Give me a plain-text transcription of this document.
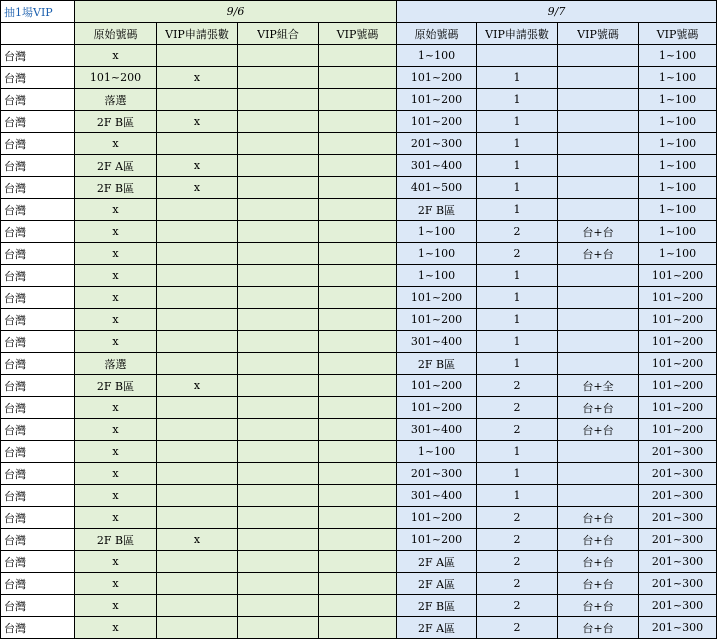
抽1場VIP	9/6				9/7			
	原始號碼	VIP申請張數	VIP組合	VIP號碼	原始號碼	VIP申請張數	VIP號碼	VIP號碼
台灣	x				1~100			1~100
台灣	101~200	x			101~200	1		1~100
台灣	落選				101~200	1		1~100
台灣	2F B區	x			101~200	1		1~100
台灣	x				201~300	1		1~100
台灣	2F A區	x			301~400	1		1~100
台灣	2F B區	x			401~500	1		1~100
台灣	x				2F B區	1		1~100
台灣	x				1~100	2	台+台	1~100
台灣	x				1~100	2	台+台	1~100
台灣	x				1~100	1		101~200
台灣	x				101~200	1		101~200
台灣	x				101~200	1		101~200
台灣	x				301~400	1		101~200
台灣	落選				2F B區	1		101~200
台灣	2F B區	x			101~200	2	台+全	101~200
台灣	x				101~200	2	台+台	101~200
台灣	x				301~400	2	台+台	101~200
台灣	x				1~100	1		201~300
台灣	x				201~300	1		201~300
台灣	x				301~400	1		201~300
台灣	x				101~200	2	台+台	201~300
台灣	2F B區	x			101~200	2	台+台	201~300
台灣	x				2F A區	2	台+台	201~300
台灣	x				2F A區	2	台+台	201~300
台灣	x				2F B區	2	台+台	201~300
台灣	x				2F A區	2	台+台	201~300
